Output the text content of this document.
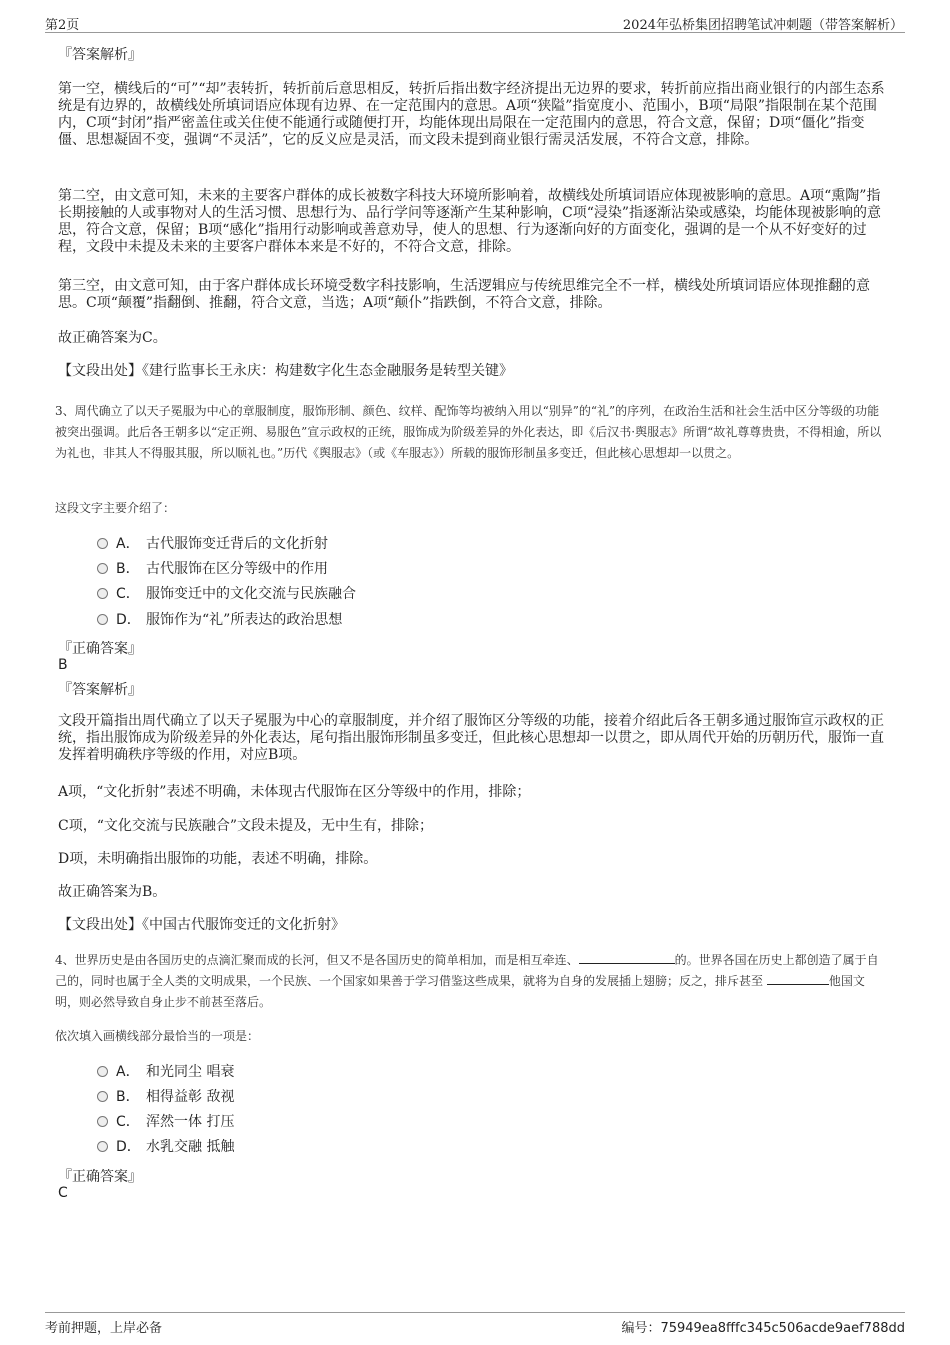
第2页	2024年弘桥集团招聘笔试冲刺题（带答案解析）
『答案解析』
第一空，横线后的“可”“却”表转折，转折前后意思相反，转折后指出数字经济提出无边界的要求，转折前应指出商业银行的内部生态系统是有边界的，故横线处所填词语应体现有边界、在一定范围内的意思。A项“狭隘”指宽度小、范围小，B项“局限”指限制在某个范围内，C项“封闭”指严密盖住或关住使不能通行或随便打开，均能体现出局限在一定范围内的意思，符合文意，保留；D项“僵化”指变僵、思想凝固不变，强调“不灵活”，它的反义应是灵活，而文段未提到商业银行需灵活发展，不符合文意，排除。
第二空，由文意可知，未来的主要客户群体的成长被数字科技大环境所影响着，故横线处所填词语应体现被影响的意思。A项“熏陶”指长期接触的人或事物对人的生活习惯、思想行为、品行学问等逐渐产生某种影响，C项“浸染”指逐渐沾染或感染，均能体现被影响的意思，符合文意，保留；B项“感化”指用行动影响或善意劝导，使人的思想、行为逐渐向好的方面变化，强调的是一个从不好变好的过程，文段中未提及未来的主要客户群体本来是不好的，不符合文意，排除。
第三空，由文意可知，由于客户群体成长环境受数字科技影响，生活逻辑应与传统思维完全不一样，横线处所填词语应体现推翻的意思。C项“颠覆”指翻倒、推翻，符合文意，当选；A项“颠仆”指跌倒，不符合文意，排除。
故正确答案为C。
【文段出处】《建行监事长王永庆：构建数字化生态金融服务是转型关键》
3、周代确立了以天子冕服为中心的章服制度，服饰形制、颜色、纹样、配饰等均被纳入用以“别异”的“礼”的序列，在政治生活和社会生活中区分等级的功能被突出强调。此后各王朝多以“定正朔、易服色”宣示政权的正统，服饰成为阶级差异的外化表达，即《后汉书·舆服志》所谓“故礼尊尊贵贵，不得相逾，所以为礼也，非其人不得服其服，所以顺礼也。”历代《舆服志》（或《车服志》）所载的服饰形制虽多变迁，但此核心思想却一以贯之。
这段文字主要介绍了：
A． 古代服饰变迁背后的文化折射
B． 古代服饰在区分等级中的作用
C． 服饰变迁中的文化交流与民族融合
D． 服饰作为“礼”所表达的政治思想
『正确答案』
B
『答案解析』
文段开篇指出周代确立了以天子冕服为中心的章服制度，并介绍了服饰区分等级的功能，接着介绍此后各王朝多通过服饰宣示政权的正统，指出服饰成为阶级差异的外化表达，尾句指出服饰形制虽多变迁，但此核心思想却一以贯之，即从周代开始的历朝历代，服饰一直发挥着明确秩序等级的作用，对应B项。
A项，“文化折射”表述不明确，未体现古代服饰在区分等级中的作用，排除；
C项，“文化交流与民族融合”文段未提及，无中生有，排除；
D项，未明确指出服饰的功能，表述不明确，排除。
故正确答案为B。
【文段出处】《中国古代服饰变迁的文化折射》
4、世界历史是由各国历史的点滴汇聚而成的长河，但又不是各国历史的简单相加，而是相互牵连、	的。世界各国在历史上都创造了属于自己的，同时也属于全人类的文明成果，一个民族、一个国家如果善于学习借鉴这些成果，就将为自身的发展插上翅膀；反之，排斥甚至	他国文明，则必然导致自身止步不前甚至落后。
依次填入画横线部分最恰当的一项是：
A． 和光同尘 唱衰
B． 相得益彰 敌视
C． 浑然一体 打压
D． 水乳交融 抵触
『正确答案』
C
考前押题，上岸必备	编号：75949ea8fffc345c506acde9aef788dd
